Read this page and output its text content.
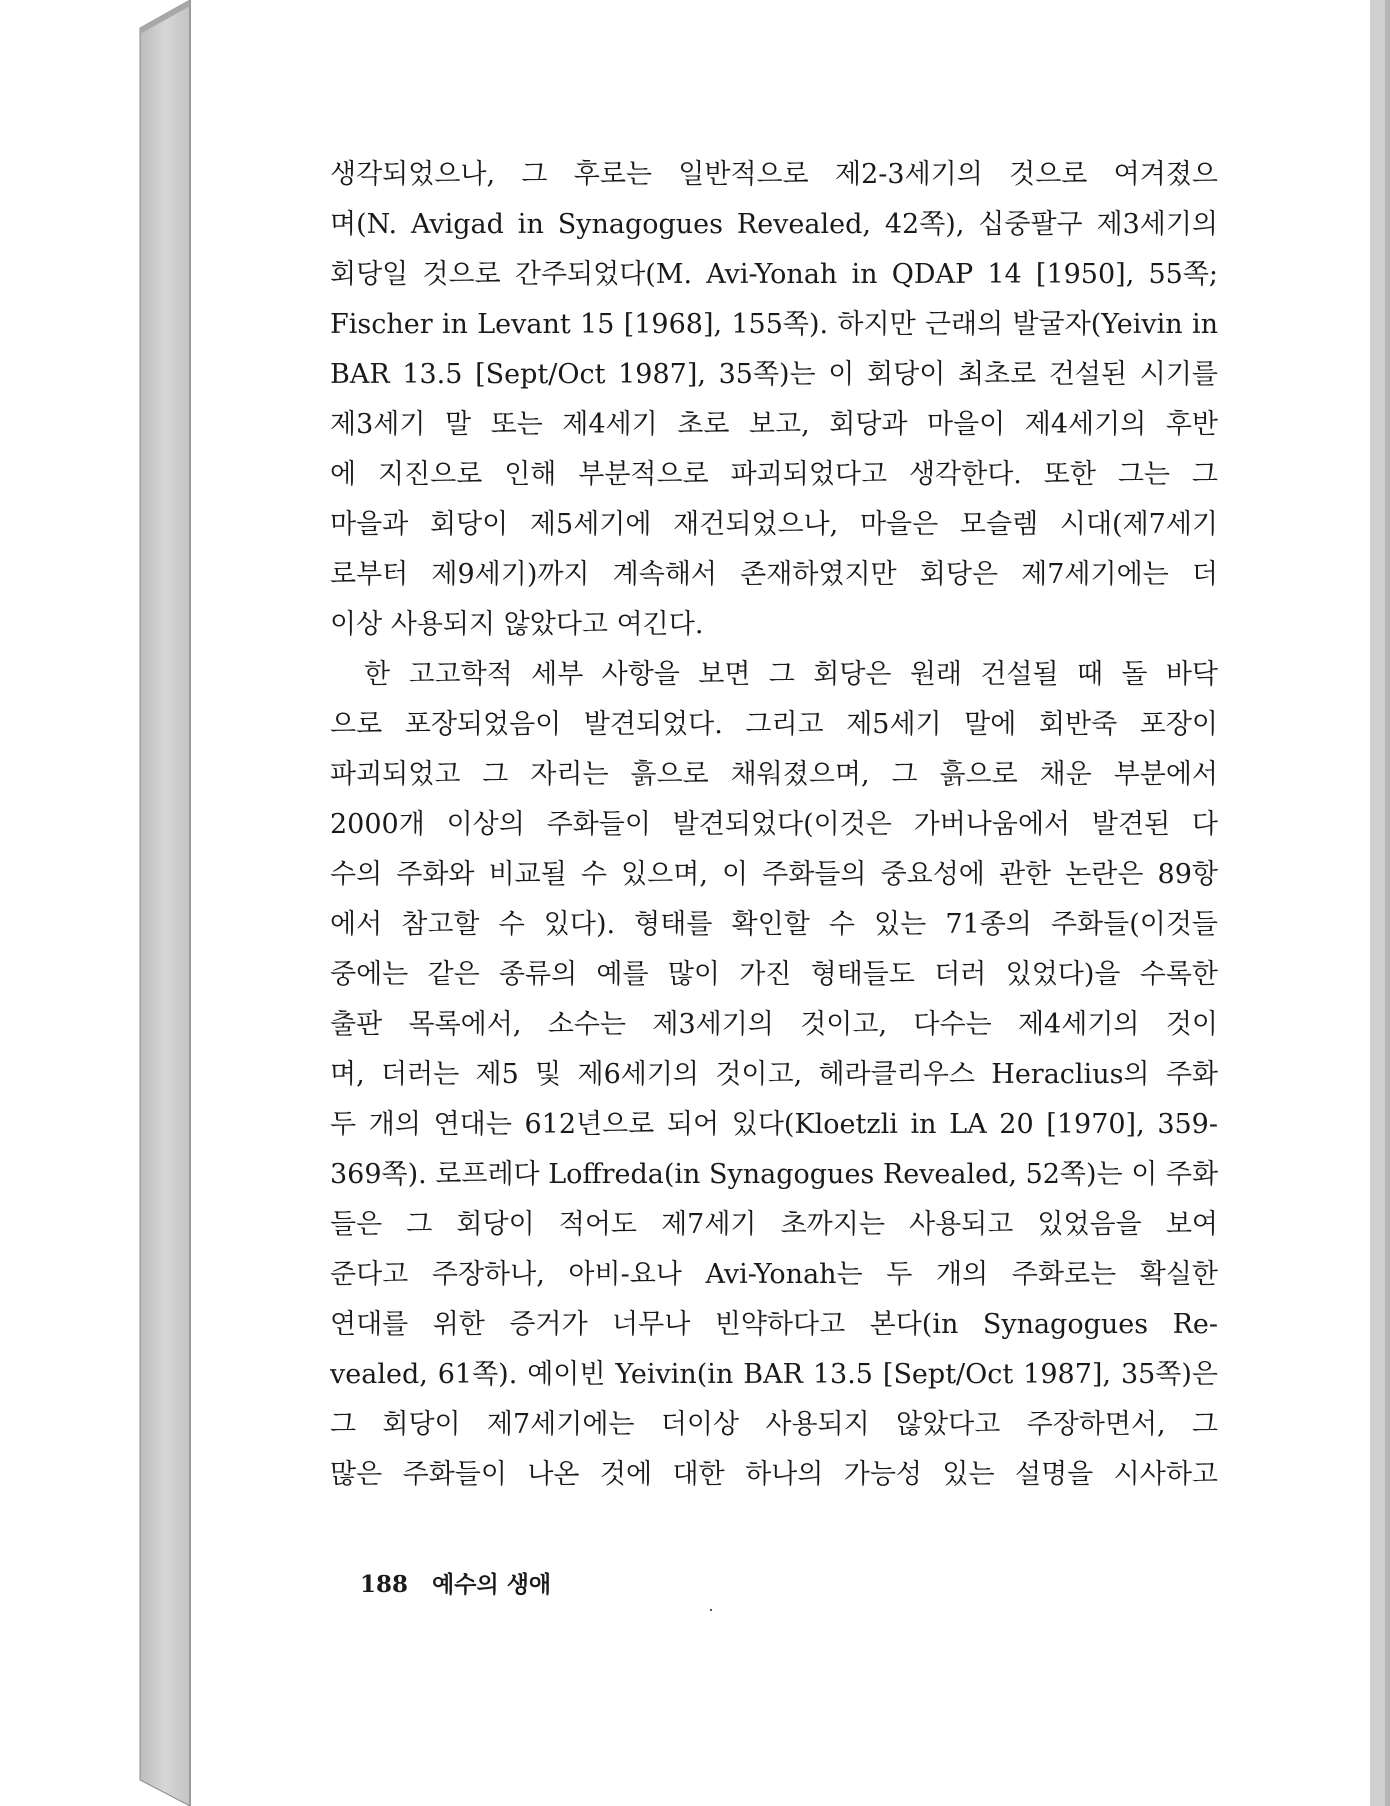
생각되었으나, 그 후로는 일반적으로 제2-3세기의 것으로 여겨졌으
며(N. Avigad in Synagogues Revealed, 42쪽), 십중팔구 제3세기의
회당일 것으로 간주되었다(M. Avi-Yonah in QDAP 14 [1950], 55쪽;
Fischer in Levant 15 [1968], 155쪽). 하지만 근래의 발굴자(Yeivin in
BAR 13.5 [Sept/Oct 1987], 35쪽)는 이 회당이 최초로 건설된 시기를
제3세기 말 또는 제4세기 초로 보고, 회당과 마을이 제4세기의 후반
에 지진으로 인해 부분적으로 파괴되었다고 생각한다. 또한 그는 그
마을과 회당이 제5세기에 재건되었으나, 마을은 모슬렘 시대(제7세기
로부터 제9세기)까지 계속해서 존재하였지만 회당은 제7세기에는 더
이상 사용되지 않았다고 여긴다.
한 고고학적 세부 사항을 보면 그 회당은 원래 건설될 때 돌 바닥
으로 포장되었음이 발견되었다. 그리고 제5세기 말에 회반죽 포장이
파괴되었고 그 자리는 흙으로 채워졌으며, 그 흙으로 채운 부분에서
2000개 이상의 주화들이 발견되었다(이것은 가버나움에서 발견된 다
수의 주화와 비교될 수 있으며, 이 주화들의 중요성에 관한 논란은 89항
에서 참고할 수 있다). 형태를 확인할 수 있는 71종의 주화들(이것들
중에는 같은 종류의 예를 많이 가진 형태들도 더러 있었다)을 수록한
출판 목록에서, 소수는 제3세기의 것이고, 다수는 제4세기의 것이
며, 더러는 제5 및 제6세기의 것이고, 헤라클리우스 Heraclius의 주화
두 개의 연대는 612년으로 되어 있다(Kloetzli in LA 20 [1970], 359-
369쪽). 로프레다 Loffreda(in Synagogues Revealed, 52쪽)는 이 주화
들은 그 회당이 적어도 제7세기 초까지는 사용되고 있었음을 보여
준다고 주장하나, 아비-요나 Avi-Yonah는 두 개의 주화로는 확실한
연대를 위한 증거가 너무나 빈약하다고 본다(in Synagogues Re-
vealed, 61쪽). 예이빈 Yeivin(in BAR 13.5 [Sept/Oct 1987], 35쪽)은
그 회당이 제7세기에는 더이상 사용되지 않았다고 주장하면서, 그
많은 주화들이 나온 것에 대한 하나의 가능성 있는 설명을 시사하고
188 예수의 생애
